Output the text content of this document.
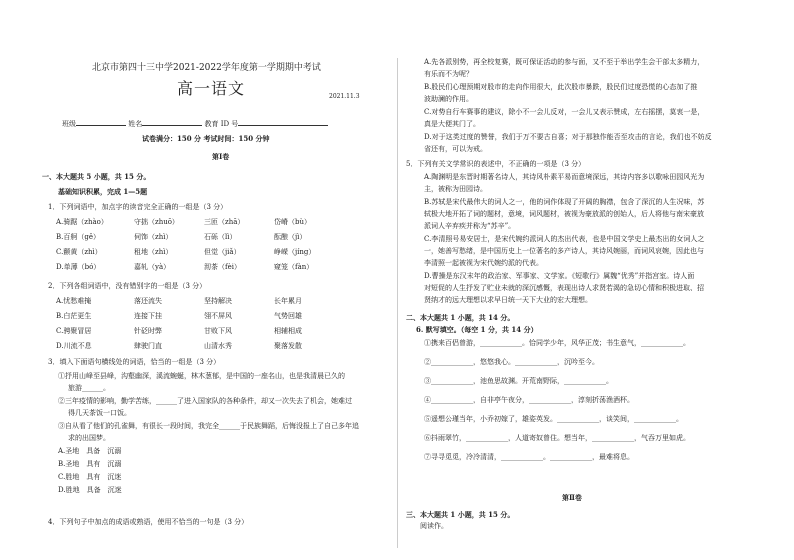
北京市第四十三中学2021-2022学年度第一学期期中考试
高一语文	2021.11.3
班级	姓名	教育 ID 号
试卷满分：150 分 考试时间：150 分钟
第Ⅰ卷
一、本大题共 5 小题，共 15 分。
基础知识积累，完成 1—5题
1．下列词语中，加点字的读音完全正确的一组是（3 分）
A.骑踞（zhào）	守拙（zhuō）	三匝（zhā）	岱嵴（bù）
B.百舸（gě）	伺饰（zhì）	石砾（lì）	酝酿（jì）
C.颤黄（zhì）	租地（zhì）	但觉（jiǎ）	峥嵘（jíng）
D.单薄（bó）	嘉轧（yà）	沏茶（fèi）	窥笼（fàn）
2．下列各组词语中，没有错别字的一组是（3 分）
A.忧愁难掩	落还流失	坚持解决	长年累月
B.白茫更生	连接下挂	翎不屏风	气势回雄
C.骋聚冒居	针砭时弊	甘败下风	相辅相成
D.川流不息	肆驶门直	山清水秀	聚落发散
3．填入下面语句横线处的词语，恰当的一组是（3 分）
①抒用山峰至县峰，沟壑幽深，溪流蜿蜒，林木葱郁，是中国的一座名山，也是我清晨已久的
旅游______。
②三年疫情的影响，勤学苦练，______了进入国家队的各种条件，却又一次失去了机会，她难过
得几天茶饭一口饭。
③自从看了他们的孔雀舞，有很长一段时间，我完全______于民族舞蹈，后悔没报上了自己多年追
求的出国梦。
A.圣地　具备　沉溺
B.圣地　具有　沉溺
C.胜地　具有　沉迷
D.胜地　具备　沉迷
4．下列句子中加点的成语或熟语，使用不恰当的一句是（3 分）
A.先各派别势，再全校复赛，既可保证活动的参与面，又不至于举出学生会干部太多精力，
有乐而不为呢？
B.股民们心理预期对股市的走向作用很大，此次股市暴跌，股民们过度恐慌的心态加了推
波助澜的作用。
C.对势自行车赛事的建议，除小不一会儿反对，一会儿又表示赞成，左右摇摆，莫衷一是，
真是大便其门了。
D.对于这类过度的赞誉，我们于万不要古自喜；对于那独作能否至攻击的言论，我们也不妨反
省还有，可以为戒。
5．下列有关文学常识的表述中，不正确的一项是（3 分）
A.陶渊明是东晋时期著名诗人，其诗风朴素平易而意境深远，其诗内容多以歌咏田园风光为
主，被称为田园诗。
B.苏轼是宋代最伟大的词人之一，他的词作体现了开阔的胸襟，包含了深沉的人生况味，苏
轼极大地开拓了词的题材，意境，词风题材，被视为豪放派的创始人，后人将他与南宋豪放
派词人辛弃疾并称为“苏辛”。
C.李清照号易安居士，是宋代婉约派词人的杰出代表，也是中国文学史上最杰出的女词人之
一，她善写愁绪，是中国历史上一位著名的多产诗人，其诗风婉丽，而词风哀婉，因此也与
李清照一起被视为宋代婉约派的代表。
D.曹操是东汉末年的政治家、军事家、文学家。《短歌行》属魏“优秀”并指宫室。诗人面
对短促的人生抒发了贮业未就的深沉感慨，表现出诗人求贤若渴的急切心情和积极进取、招
贤纳才的远大理想以求早日统一天下大业的宏大理想。
二、本大题共 1 小题，共 14 分。
6. 默写填空。（每空 1 分，共 14 分）
①携来百侣曾游，____________。恰同学少年，风华正茂；书生意气，____________。
②____________，悠悠我心。____________，沉吟至今。
③____________，池鱼思故渊。开荒南野际，____________。
④____________，自非亭午夜分，____________，淳刻折荡渔酒杯。
⑤遥想公瑾当年，小乔初嫁了，雄姿英发。____________，谈笑间，____________。
⑥抖雨翠竹，____________，人道寄奴曾住。想当年，____________，气吞万里如虎。
⑦寻寻觅觅，冷冷清清，____________。____________，最难将息。
第Ⅱ卷
三、本大题共 1 小题，共 15 分。
阅读作。
